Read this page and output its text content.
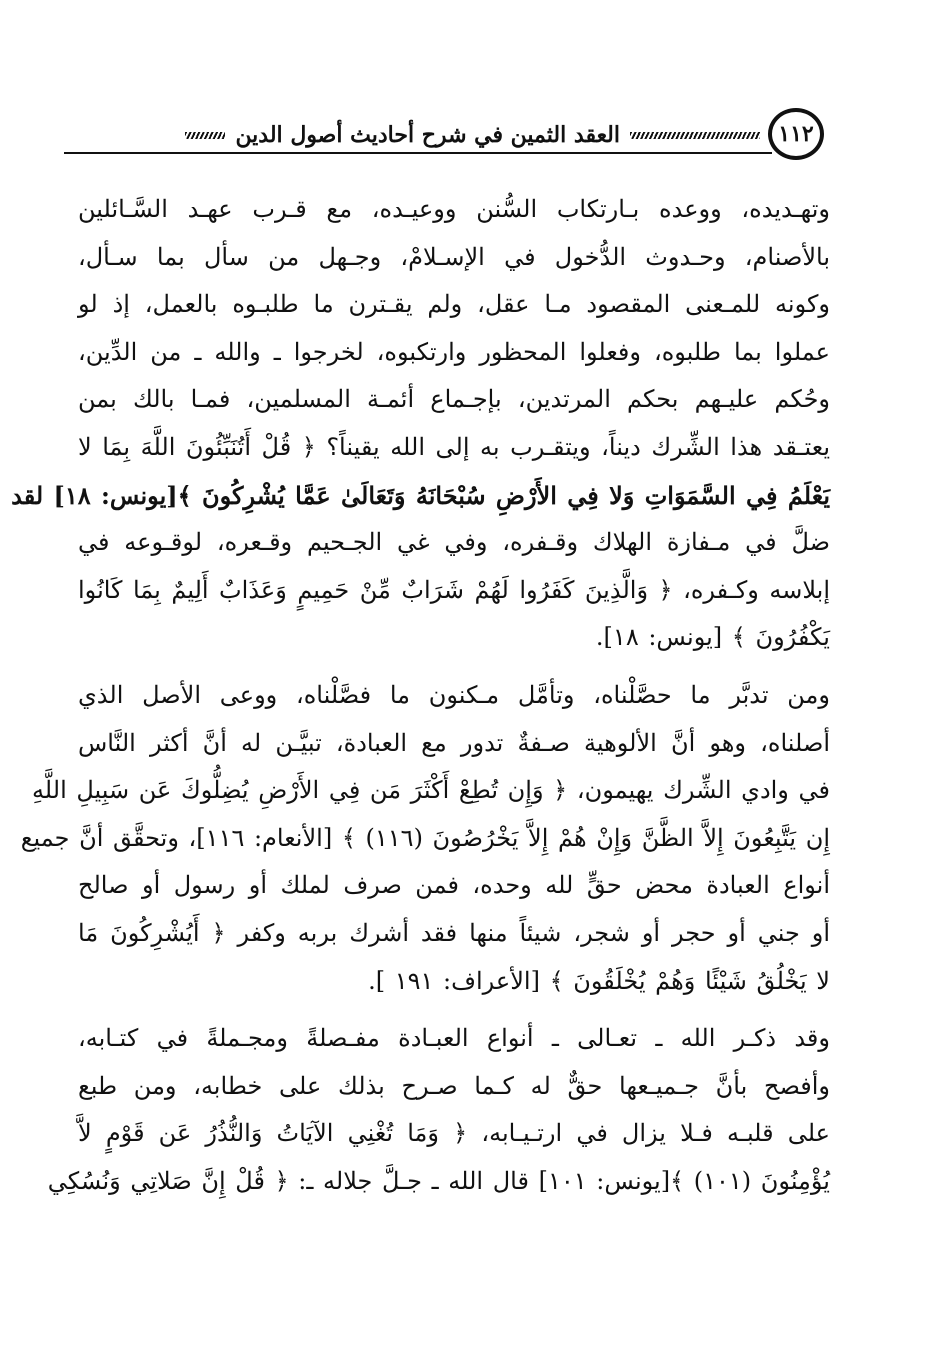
١١٢
العقد الثمين في شرح أحاديث أصول الدين
وتهـديده، ووعده بـارتكاب السُّنن ووعيـده، مع قـرب عهـد السَّـائلين
بالأصنام، وحـدوث الدُّخول في الإسـلامْ، وجـهل من سأل بما سـأل،
وكونه للمـعنى المقصود مـا عقل، ولم يقـترن ما طلبـوه بالعمل، إذ لو
عملوا بما طلبوه، وفعلوا المحظور وارتكبوه، لخرجوا ـ والله ـ من الدِّين،
وحُكم عليـهم بحكم المرتدين، بإجـماع أئمـة المسلمين، فمـا بالك بمن
يعتـقد هذا الشِّرك ديناً، ويتقـرب به إلى الله يقيناً؟ ﴿ قُلْ أَتُنَبِّئُونَ اللَّهَ بِمَا لا
يَعْلَمُ فِي السَّمَوَاتِ وَلا فِي الأَرْضِ سُبْحَانَهُ وَتَعَالَىٰ عَمَّا يُشْرِكُونَ ﴾[يونس: ١٨] لقد
ضلَّ في مـفازة الهلاك وقـفره، وفي غي الجـحيم وقـعره، لوقـوعه في
إبلاسه وكـفره، ﴿ وَالَّذِينَ كَفَرُوا لَهُمْ شَرَابٌ مِّنْ حَمِيمٍ وَعَذَابٌ أَلِيمٌ بِمَا كَانُوا
يَكْفُرُونَ ﴾ [يونس: ١٨].
ومن تدبَّر ما حصَّلْناه، وتأمَّل مـكنون ما فصَّلْناه، ووعى الأصل الذي
أصلناه، وهو أنَّ الألوهية صـفةٌ تدور مع العبادة، تبيَّـن له أنَّ أكثر النَّاس
في وادي الشِّرك يهيمون، ﴿ وَإِن تُطِعْ أَكْثَرَ مَن فِي الأَرْضِ يُضِلُّوكَ عَن سَبِيلِ اللَّهِ
إِن يَتَّبِعُونَ إِلاَّ الظَّنَّ وَإِنْ هُمْ إِلاَّ يَخْرُصُونَ (١١٦) ﴾ [الأنعام: ١١٦]، وتحقَّق أنَّ جميع
أنواع العبادة محض حقٍّ لله وحده، فمن صرف لملك أو رسول أو صالح
أو جني أو حجر أو شجر، شيئاً منها فقد أشرك بربه وكفر ﴿ أَيُشْرِكُونَ مَا
لا يَخْلُقُ شَيْئًا وَهُمْ يُخْلَقُونَ ﴾ [الأعراف: ١٩١ ].
وقد ذكـر الله ـ تعـالى ـ أنواع العبـادة مفـصلةً ومجـملةً في كتـابه،
وأفصح بأنَّ جـميـعها حقٌّ له كـما صـرح بذلك على خطابه، ومن طبع
على قلبـه فـلا يزال في ارتـيـابه، ﴿ وَمَا تُغْنِي الآيَاتُ وَالنُّذُرُ عَن قَوْمٍ لاَّ
يُؤْمِنُونَ (١٠١) ﴾[يونس: ١٠١] قال الله ـ جـلَّ جلاله ـ: ﴿ قُلْ إِنَّ صَلاتِي وَنُسُكِي
